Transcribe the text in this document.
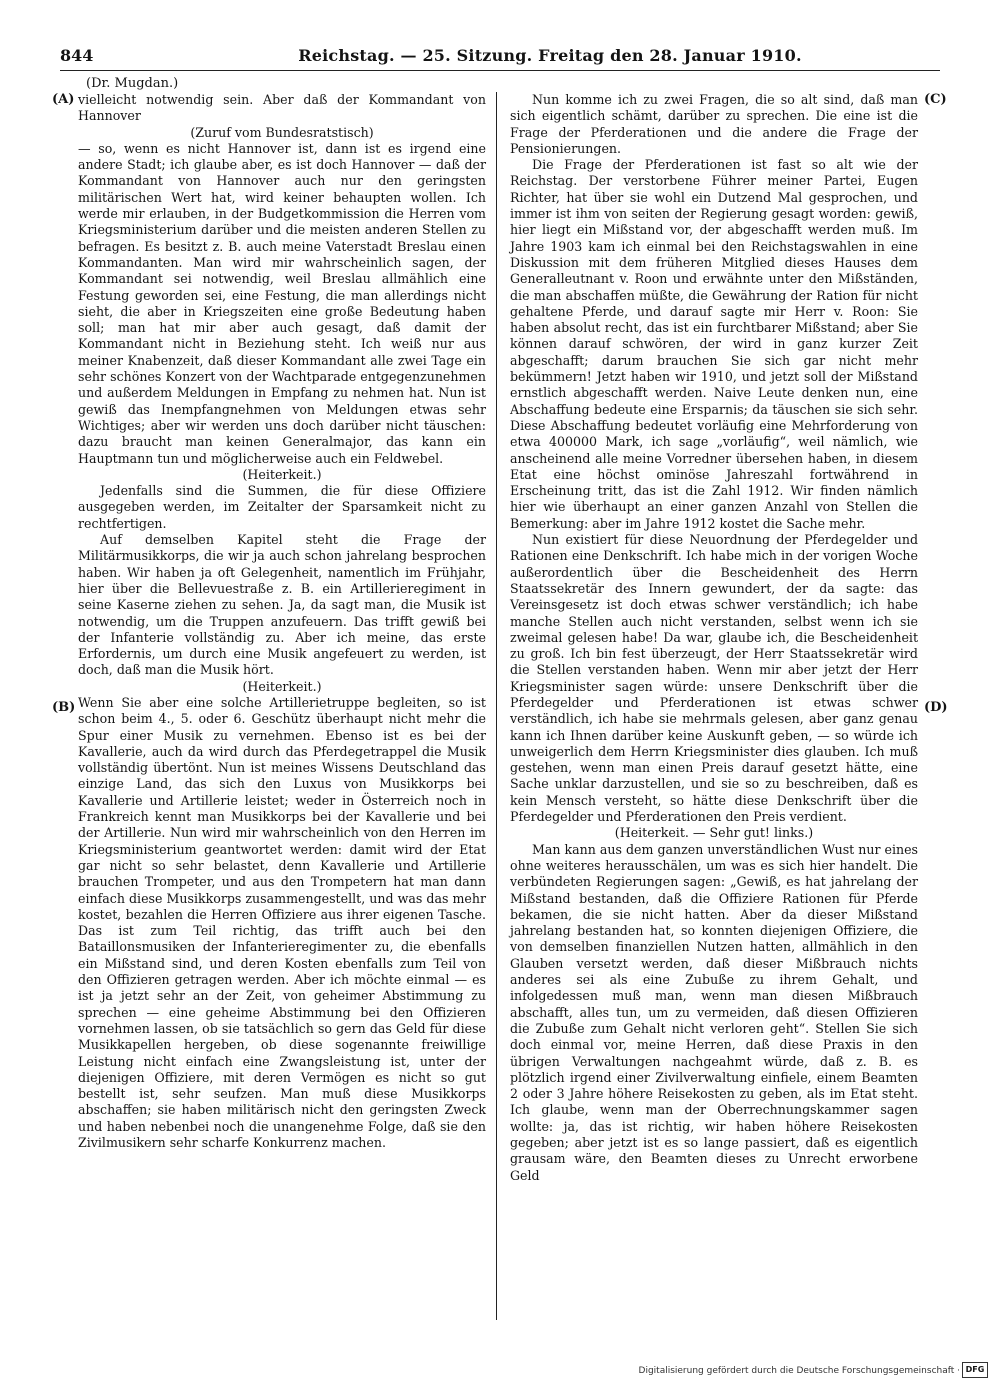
844	Reichstag. — 25. Sitzung. Freitag den 28. Januar 1910.
(Dr. Mugdan.)

vielleicht notwendig sein. Aber daß der Kommandant von Hannover

(Zuruf vom Bundesratstisch)

— so, wenn es nicht Hannover ist, dann ist es irgend eine andere Stadt; ich glaube aber, es ist doch Hannover — daß der Kommandant von Hannover auch nur den geringsten militärischen Wert hat, wird keiner behaupten wollen. Ich werde mir erlauben, in der Budgetkommission die Herren vom Kriegsministerium darüber und die meisten anderen Stellen zu befragen. Es besitzt z. B. auch meine Vaterstadt Breslau einen Kommandanten. Man wird mir wahrscheinlich sagen, der Kommandant sei notwendig, weil Breslau allmählich eine Festung geworden sei, eine Festung, die man allerdings nicht sieht, die aber in Kriegszeiten eine große Bedeutung haben soll; man hat mir aber auch gesagt, daß damit der Kommandant nicht in Beziehung steht. Ich weiß nur aus meiner Knabenzeit, daß dieser Kommandant alle zwei Tage ein sehr schönes Konzert von der Wachtparade entgegenzunehmen und außerdem Meldungen in Empfang zu nehmen hat. Nun ist gewiß das Inempfangnehmen von Meldungen etwas sehr Wichtiges; aber wir werden uns doch darüber nicht täuschen: dazu braucht man keinen Generalmajor, das kann ein Hauptmann tun und möglicherweise auch ein Feldwebel.

(Heiterkeit.)

Jedenfalls sind die Summen, die für diese Offiziere ausgegeben werden, im Zeitalter der Sparsamkeit nicht zu rechtfertigen.

Auf demselben Kapitel steht die Frage der Militärmusikkorps, die wir ja auch schon jahrelang besprochen haben. Wir haben ja oft Gelegenheit, namentlich im Frühjahr, hier über die Bellevuestraße z. B. ein Artillerieregiment in seine Kaserne ziehen zu sehen. Ja, da sagt man, die Musik ist notwendig, um die Truppen anzufeuern. Das trifft gewiß bei der Infanterie vollständig zu. Aber ich meine, das erste Erfordernis, um durch eine Musik angefeuert zu werden, ist doch, daß man die Musik hört.

(Heiterkeit.)

Wenn Sie aber eine solche Artillerietruppe begleiten, so ist schon beim 4., 5. oder 6. Geschütz überhaupt nicht mehr die Spur einer Musik zu vernehmen. Ebenso ist es bei der Kavallerie, auch da wird durch das Pferdegetrappel die Musik vollständig übertönt. Nun ist meines Wissens Deutschland das einzige Land, das sich den Luxus von Musikkorps bei Kavallerie und Artillerie leistet; weder in Österreich noch in Frankreich kennt man Musikkorps bei der Kavallerie und bei der Artillerie. Nun wird mir wahrscheinlich von den Herren im Kriegsministerium geantwortet werden: damit wird der Etat gar nicht so sehr belastet, denn Kavallerie und Artillerie brauchen Trompeter, und aus den Trompetern hat man dann einfach diese Musikkorps zusammengestellt, und was das mehr kostet, bezahlen die Herren Offiziere aus ihrer eigenen Tasche. Das ist zum Teil richtig, das trifft auch bei den Bataillonsmusiken der Infanterieregimenter zu, die ebenfalls ein Mißstand sind, und deren Kosten ebenfalls zum Teil von den Offizieren getragen werden. Aber ich möchte einmal — es ist ja jetzt sehr an der Zeit, von geheimer Abstimmung zu sprechen — eine geheime Abstimmung bei den Offizieren vornehmen lassen, ob sie tatsächlich so gern das Geld für diese Musikkapellen hergeben, ob diese sogenannte freiwillige Leistung nicht einfach eine Zwangsleistung ist, unter der diejenigen Offiziere, mit deren Vermögen es nicht so gut bestellt ist, sehr seufzen. Man muß diese Musikkorps abschaffen; sie haben militärisch nicht den geringsten Zweck und haben nebenbei noch die unangenehme Folge, daß sie den Zivilmusikern sehr scharfe Konkurrenz machen.

Nun komme ich zu zwei Fragen, die so alt sind, daß man sich eigentlich schämt, darüber zu sprechen. Die eine ist die Frage der Pferderationen und die andere die Frage der Pensionierungen.

Die Frage der Pferderationen ist fast so alt wie der Reichstag. Der verstorbene Führer meiner Partei, Eugen Richter, hat über sie wohl ein Dutzend Mal gesprochen, und immer ist ihm von seiten der Regierung gesagt worden: gewiß, hier liegt ein Mißstand vor, der abgeschafft werden muß. Im Jahre 1903 kam ich einmal bei den Reichstagswahlen in eine Diskussion mit dem früheren Mitglied dieses Hauses dem Generalleutnant v. Roon und erwähnte unter den Mißständen, die man abschaffen müßte, die Gewährung der Ration für nicht gehaltene Pferde, und darauf sagte mir Herr v. Roon: Sie haben absolut recht, das ist ein furchtbarer Mißstand; aber Sie können darauf schwören, der wird in ganz kurzer Zeit abgeschafft; darum brauchen Sie sich gar nicht mehr bekümmern! Jetzt haben wir 1910, und jetzt soll der Mißstand ernstlich abgeschafft werden. Naive Leute denken nun, eine Abschaffung bedeute eine Ersparnis; da täuschen sie sich sehr. Diese Abschaffung bedeutet vorläufig eine Mehrforderung von etwa 400000 Mark, ich sage „vorläufig“, weil nämlich, wie anscheinend alle meine Vorredner übersehen haben, in diesem Etat eine höchst ominöse Jahreszahl fortwährend in Erscheinung tritt, das ist die Zahl 1912. Wir finden nämlich hier wie überhaupt an einer ganzen Anzahl von Stellen die Bemerkung: aber im Jahre 1912 kostet die Sache mehr.

Nun existiert für diese Neuordnung der Pferdegelder und Rationen eine Denkschrift. Ich habe mich in der vorigen Woche außerordentlich über die Bescheidenheit des Herrn Staatssekretär des Innern gewundert, der da sagte: das Vereinsgesetz ist doch etwas schwer verständlich; ich habe manche Stellen auch nicht verstanden, selbst wenn ich sie zweimal gelesen habe! Da war, glaube ich, die Bescheidenheit zu groß. Ich bin fest überzeugt, der Herr Staatssekretär wird die Stellen verstanden haben. Wenn mir aber jetzt der Herr Kriegsminister sagen würde: unsere Denkschrift über die Pferdegelder und Pferderationen ist etwas schwer verständlich, ich habe sie mehrmals gelesen, aber ganz genau kann ich Ihnen darüber keine Auskunft geben, — so würde ich unweigerlich dem Herrn Kriegsminister dies glauben. Ich muß gestehen, wenn man einen Preis darauf gesetzt hätte, eine Sache unklar darzustellen, und sie so zu beschreiben, daß es kein Mensch versteht, so hätte diese Denkschrift über die Pferdegelder und Pferderationen den Preis verdient.

(Heiterkeit. — Sehr gut! links.)

Man kann aus dem ganzen unverständlichen Wust nur eines ohne weiteres herausschälen, um was es sich hier handelt. Die verbündeten Regierungen sagen: „Gewiß, es hat jahrelang der Mißstand bestanden, daß die Offiziere Rationen für Pferde bekamen, die sie nicht hatten. Aber da dieser Mißstand jahrelang bestanden hat, so konnten diejenigen Offiziere, die von demselben finanziellen Nutzen hatten, allmählich in den Glauben versetzt werden, daß dieser Mißbrauch nichts anderes sei als eine Zubuße zu ihrem Gehalt, und infolgedessen muß man, wenn man diesen Mißbrauch abschafft, alles tun, um zu vermeiden, daß diesen Offizieren die Zubuße zum Gehalt nicht verloren geht“. Stellen Sie sich doch einmal vor, meine Herren, daß diese Praxis in den übrigen Verwaltungen nachgeahmt würde, daß z. B. es plötzlich irgend einer Zivilverwaltung einfiele, einem Beamten 2 oder 3 Jahre höhere Reisekosten zu geben, als im Etat steht. Ich glaube, wenn man der Oberrechnungskammer sagen wollte: ja, das ist richtig, wir haben höhere Reisekosten gegeben; aber jetzt ist es so lange passiert, daß es eigentlich grausam wäre, den Beamten dieses zu Unrecht erworbene Geld

(A)
(B)
(C)
(D)
Digitalisierung gefördert durch die Deutsche Forschungsgemeinschaft · DFG
